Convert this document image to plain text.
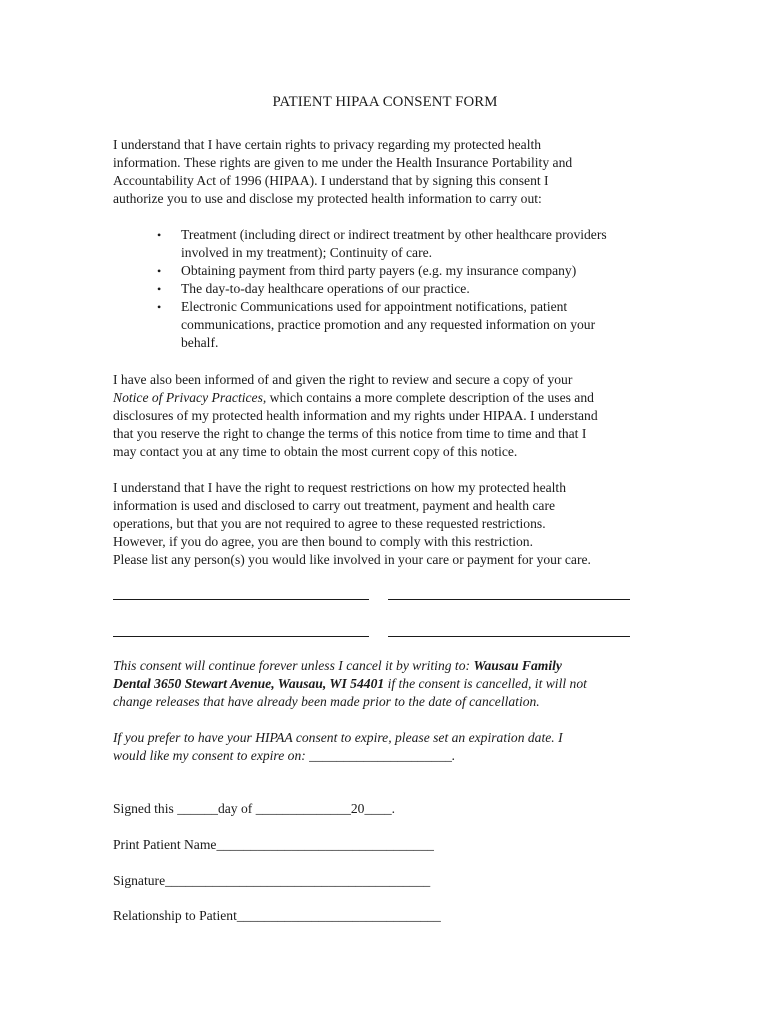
PATIENT HIPAA CONSENT FORM
I understand that I have certain rights to privacy regarding my protected health
information. These rights are given to me under the Health Insurance Portability and
Accountability Act of 1996 (HIPAA). I understand that by signing this consent I
authorize you to use and disclose my protected health information to carry out:
• Treatment (including direct or indirect treatment by other healthcare providers
involved in my treatment); Continuity of care.
• Obtaining payment from third party payers (e.g. my insurance company)
• The day-to-day healthcare operations of our practice.
• Electronic Communications used for appointment notifications, patient
communications, practice promotion and any requested information on your
behalf.
I have also been informed of and given the right to review and secure a copy of your
Notice of Privacy Practices, which contains a more complete description of the uses and
disclosures of my protected health information and my rights under HIPAA. I understand
that you reserve the right to change the terms of this notice from time to time and that I
may contact you at any time to obtain the most current copy of this notice.
I understand that I have the right to request restrictions on how my protected health
information is used and disclosed to carry out treatment, payment and health care
operations, but that you are not required to agree to these requested restrictions.
However, if you do agree, you are then bound to comply with this restriction.
Please list any person(s) you would like involved in your care or payment for your care.
This consent will continue forever unless I cancel it by writing to: Wausau Family
Dental 3650 Stewart Avenue, Wausau, WI 54401 if the consent is cancelled, it will not
change releases that have already been made prior to the date of cancellation.
If you prefer to have your HIPAA consent to expire, please set an expiration date. I
would like my consent to expire on: _____________________.
Signed this ______day of ______________20____.
Print Patient Name________________________________
Signature_______________________________________
Relationship to Patient______________________________
